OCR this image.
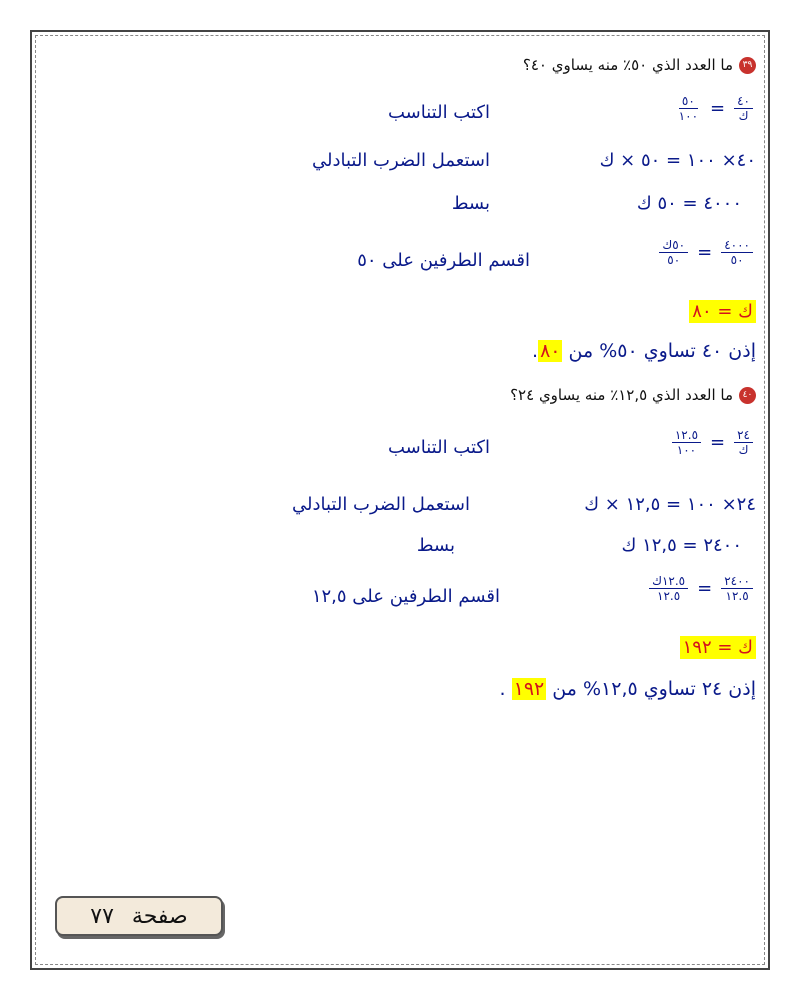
٣٩ما العدد الذي ٥٠٪ منه يساوي ٤٠؟
٤٠
ك
=
٥٠
١٠٠
اكتب التناسب
٤٠× ١٠٠ = ٥٠ × ك
استعمل الضرب التبادلي
٤٠٠٠ = ٥٠ ك
بسط
٤٠٠٠
٥٠
=
٥٠ك
٥٠
اقسم الطرفين على ٥٠
ك = ٨٠
إذن ٤٠ تساوي ٥٠% من ٨٠.
٤٠ما العدد الذي ١٢,٥٪ منه يساوي ٢٤؟
٢٤
ك
=
١٢.٥
١٠٠
اكتب التناسب
٢٤× ١٠٠ = ١٢,٥ × ك
استعمل الضرب التبادلي
٢٤٠٠ = ١٢,٥ ك
بسط
٢٤٠٠
١٢.٥
=
١٢.٥ك
١٢.٥
اقسم الطرفين على ١٢,٥
ك = ١٩٢
إذن ٢٤ تساوي ١٢,٥% من ١٩٢ .
صفحة
٧٧
